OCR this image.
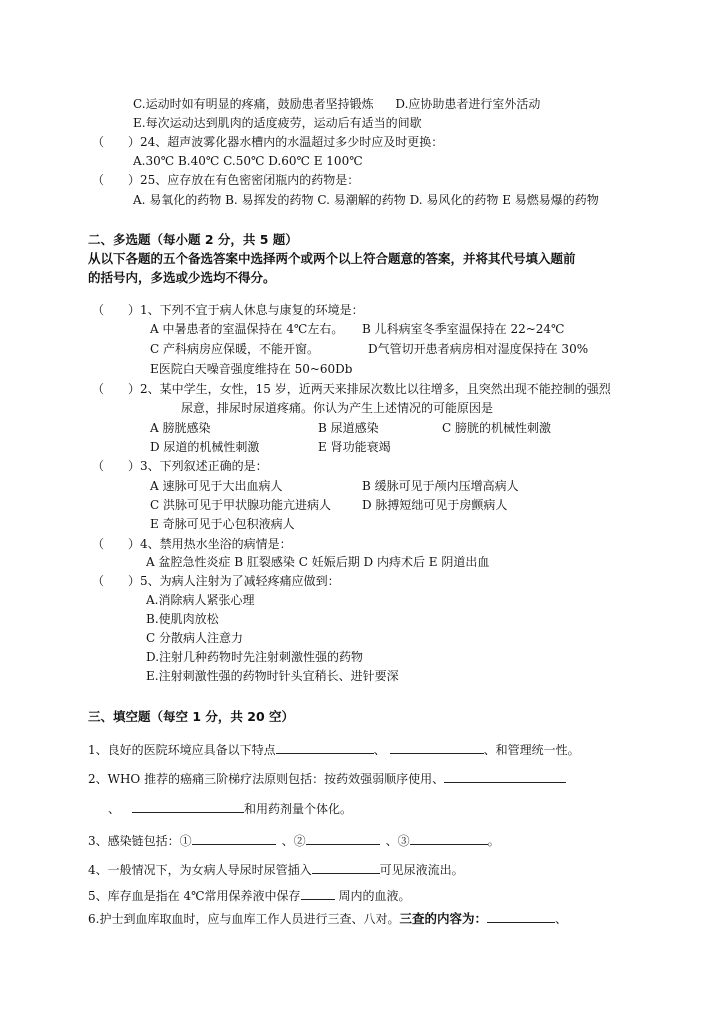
C.运动时如有明显的疼痛，鼓励患者坚持锻炼 D.应协助患者进行室外活动
E.每次运动达到肌肉的适度疲劳，运动后有适当的间歇
（　　）24、超声波雾化器水槽内的水温超过多少时应及时更换：
A.30℃ B.40℃ C.50℃ D.60℃ E 100℃
（　　）25、应存放在有色密密闭瓶内的药物是：
A. 易氧化的药物 B. 易挥发的药物 C. 易潮解的药物 D. 易风化的药物 E 易燃易爆的药物
二、多选题（每小题 2 分，共 5 题）
从以下各题的五个备选答案中选择两个或两个以上符合题意的答案，并将其代号填入题前
的括号内，多选或少选均不得分。
（　　）1、下列不宜于病人休息与康复的环境是：
A 中暑患者的室温保持在 4℃左右。 B 儿科病室冬季室温保持在 22~24℃
C 产科病房应保暖，不能开窗。	D气管切开患者病房相对湿度保持在 30%
E医院白天噪音强度维持在 50~60Db
（　　）2、某中学生，女性，15 岁，近两天来排尿次数比以往增多，且突然出现不能控制的强烈
尿意，排尿时尿道疼痛。你认为产生上述情况的可能原因是
A 膀胱感染	B 尿道感染	C 膀胱的机械性刺激
D 尿道的机械性刺激	E 肾功能衰竭
（　　）3、下列叙述正确的是：
A 速脉可见于大出血病人	B 缓脉可见于颅内压增高病人
C 洪脉可见于甲状腺功能亢进病人	D 脉搏短绌可见于房颤病人
E 奇脉可见于心包积液病人
（　　）4、禁用热水坐浴的病情是：
A 盆腔急性炎症 B 肛裂感染 C 妊娠后期 D 内痔术后 E 阴道出血
（　　）5、为病人注射为了减轻疼痛应做到：
A.消除病人紧张心理
B.使肌肉放松
C 分散病人注意力
D.注射几种药物时先注射刺激性强的药物
E.注射刺激性强的药物时针头宜稍长、进针要深
三、填空题（每空 1 分，共 20 空）
1、良好的医院环境应具备以下特点	、	、和管理统一性。
2、WHO 推荐的癌痛三阶梯疗法原则包括：按药效强弱顺序使用、
、	和用药剂量个体化。
3、感染链包括：①	、②	、③	。
4、一般情况下，为女病人导尿时尿管插入	可见尿液流出。
5、库存血是指在 4℃常用保养液中保存	周内的血液。
6.护士到血库取血时，应与血库工作人员进行三查、八对。三查的内容为：	、
